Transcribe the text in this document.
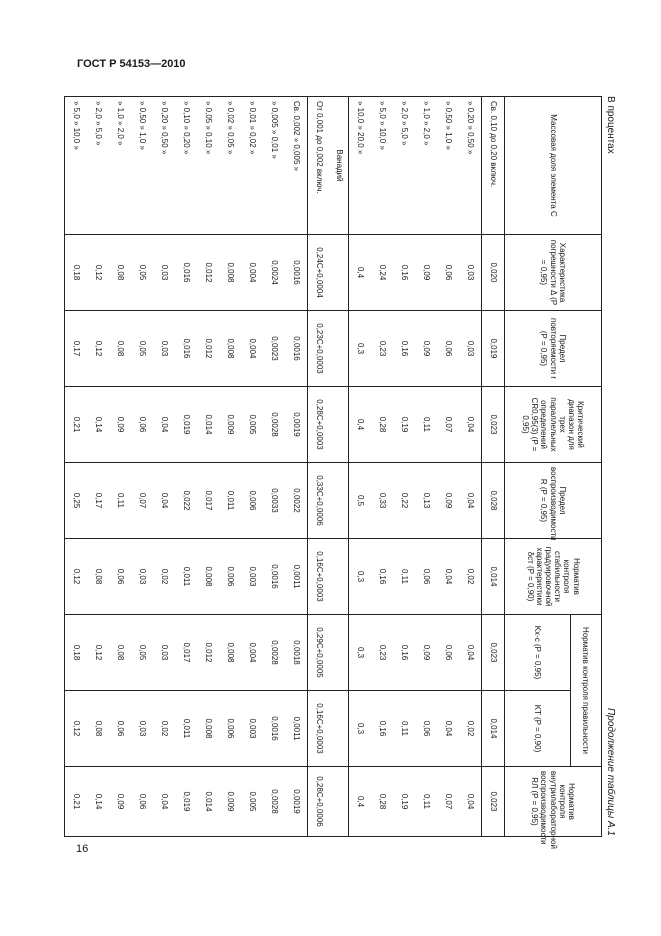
ГОСТ Р 54153—2010
16
В процентах
Продолжение таблицы А.1
Массовая доля элемента С	Характеристика погрешности Δ (P = 0,95)	Предел повторяемости r (P = 0,95)	Критический диапазон для трех параллельных определений CR0,95(3) (P = 0,95)	Предел воспроизводимости R (P = 0,95)	Норматив контроля стабильности градуировочной характеристики δст (P = 0,90)	Норматив контроля правильности		Норматив контроля внутрилабораторной воспроизводимости RЛ (P = 0,95)
						Kх-с (P = 0,95)	KT (P = 0,90)	
Св. 0,10 до 0,20 включ.	0,020	0,019	0,023	0,028	0,014	0,023	0,014	0,023
» 0,20 » 0,50 »	0,03	0,03	0,04	0,04	0,02	0,04	0,02	0,04
» 0,50 » 1,0 »	0,06	0,06	0,07	0,09	0,04	0,06	0,04	0,07
» 1,0 » 2,0 »	0,09	0,09	0,11	0,13	0,06	0,09	0,06	0,11
» 2,0 » 5,0 »	0,16	0,16	0,19	0,22	0,11	0,16	0,11	0,19
» 5,0 » 10,0 »	0,24	0,23	0,28	0,33	0,16	0,23	0,16	0,28
» 10,0 » 20,0 »	0,4	0,3	0,4	0,5	0,3	0,3	0,3	0,4

Ванадий								

От 0,001 до 0,002 включ.	0,24С+0,0004	0,23С+0,0003	0,28С+0,0003	0,33С+0,0006	0,16С+0,0003	0,29С+0,0005	0,16С+0,0003	0,28С+0,0006
Св. 0,002 » 0,005 »	0,0016	0,0016	0,0019	0,0022	0,0011	0,0018	0,0011	0,0019
» 0,005 » 0,01 »	0,0024	0,0023	0,0028	0,0033	0,0016	0,0028	0,0016	0,0028
» 0,01 » 0,02 »	0,004	0,004	0,005	0,006	0,003	0,004	0,003	0,005
» 0,02 » 0,05 »	0,008	0,008	0,009	0,011	0,006	0,008	0,006	0,009
» 0,05 » 0,10 »	0,012	0,012	0,014	0,017	0,008	0,012	0,008	0,014
» 0,10 » 0,20 »	0,016	0,016	0,019	0,022	0,011	0,017	0,011	0,019
» 0,20 » 0,50 »	0,03	0,03	0,04	0,04	0,02	0,03	0,02	0,04
» 0,50 » 1,0 »	0,05	0,05	0,06	0,07	0,03	0,05	0,03	0,06
» 1,0 » 2,0 »	0,08	0,08	0,09	0,11	0,06	0,08	0,06	0,09
» 2,0 » 5,0 »	0,12	0,12	0,14	0,17	0,08	0,12	0,08	0,14
» 5,0 » 10,0 »	0,18	0,17	0,21	0,25	0,12	0,18	0,12	0,21
